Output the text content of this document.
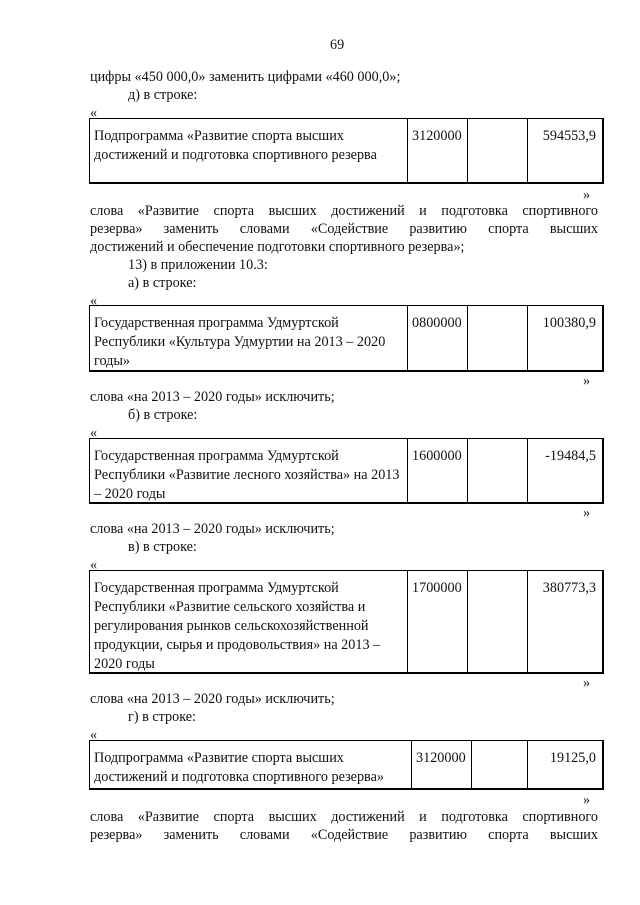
69
цифры «450 000,0» заменить цифрами «460 000,0»;
д) в строке:
«
Подпрограмма «Развитие спорта высших достижений и подготовка спортивного резерва
3120000	594553,9
»
слова «Развитие спорта высших достижений и подготовка спортивного
резерва» заменить словами «Содействие развитию спорта высших
достижений и обеспечение подготовки спортивного резерва»;
13) в приложении 10.3:
а) в строке:
«
Государственная программа Удмуртской Республики «Культура Удмуртии на 2013 – 2020 годы»
0800000	100380,9
»
слова «на 2013 – 2020 годы» исключить;
б) в строке:
«
Государственная программа Удмуртской Республики «Развитие лесного хозяйства» на 2013 – 2020 годы
1600000	-19484,5
»
слова «на 2013 – 2020 годы» исключить;
в) в строке:
«
Государственная программа Удмуртской Республики «Развитие сельского хозяйства и регулирования рынков сельскохозяйственной продукции, сырья и продовольствия» на 2013 – 2020 годы
1700000	380773,3
»
слова «на 2013 – 2020 годы» исключить;
г) в строке:
«
Подпрограмма «Развитие спорта высших достижений и подготовка спортивного резерва»
3120000	19125,0
»
слова «Развитие спорта высших достижений и подготовка спортивного
резерва» заменить словами «Содействие развитию спорта высших
